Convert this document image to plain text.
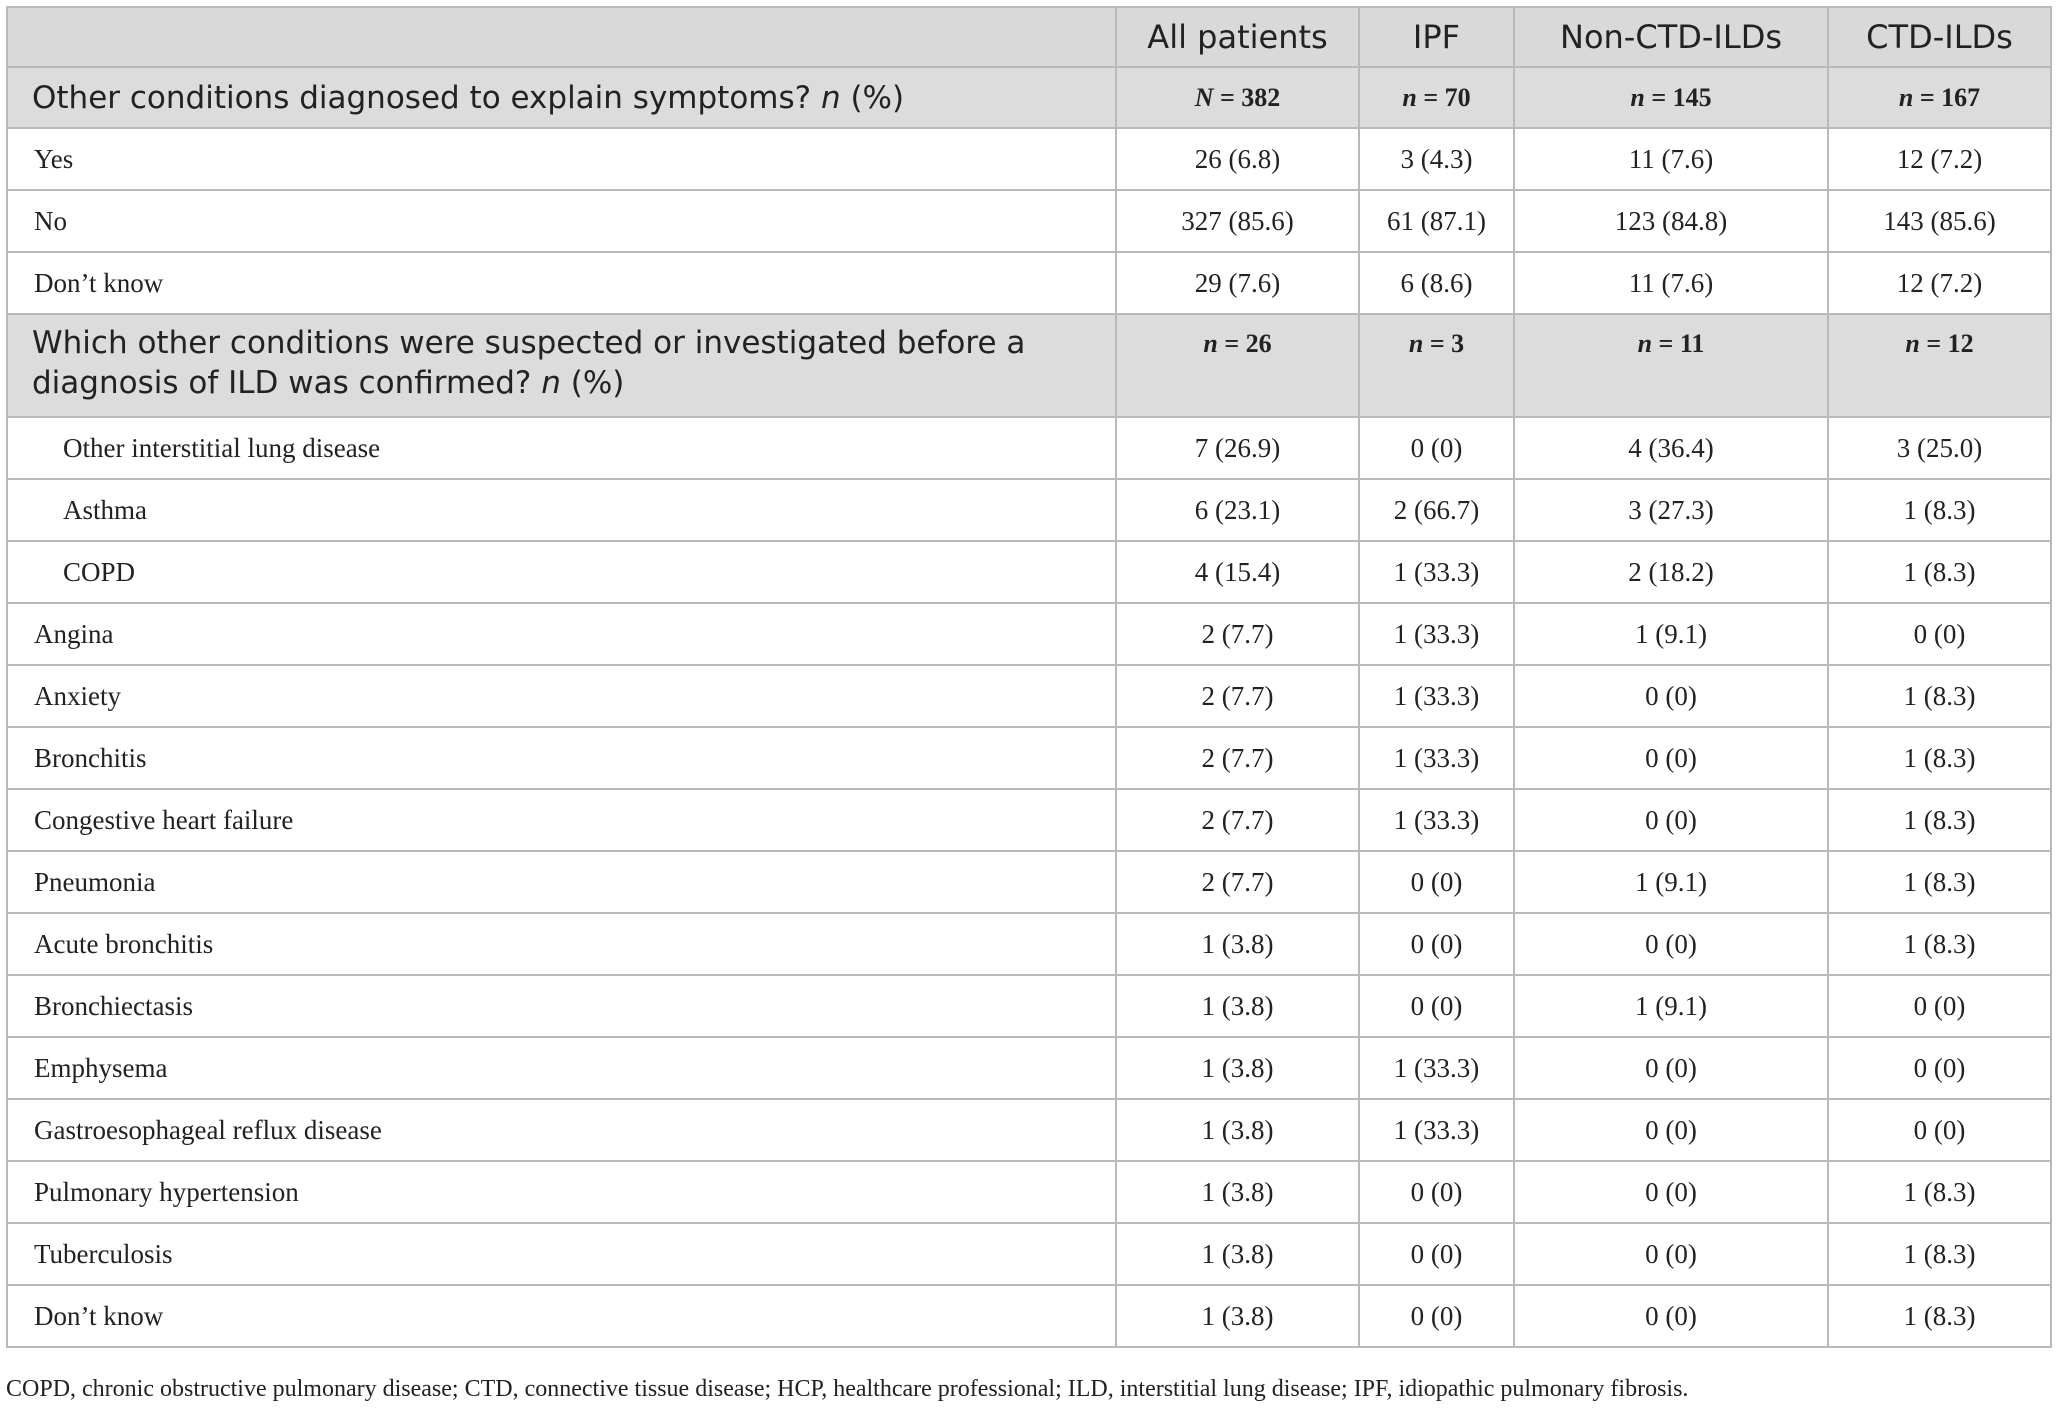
	All patients	IPF	Non-CTD-ILDs	CTD-ILDs
Other conditions diagnosed to explain symptoms? n (%)	N = 382	n = 70	n = 145	n = 167
Yes	26 (6.8)	3 (4.3)	11 (7.6)	12 (7.2)
No	327 (85.6)	61 (87.1)	123 (84.8)	143 (85.6)
Don’t know	29 (7.6)	6 (8.6)	11 (7.6)	12 (7.2)
Which other conditions were suspected or investigated before a diagnosis of ILD was confirmed? n (%)	n = 26	n = 3	n = 11	n = 12
Other interstitial lung disease	7 (26.9)	0 (0)	4 (36.4)	3 (25.0)
Asthma	6 (23.1)	2 (66.7)	3 (27.3)	1 (8.3)
COPD	4 (15.4)	1 (33.3)	2 (18.2)	1 (8.3)
Angina	2 (7.7)	1 (33.3)	1 (9.1)	0 (0)
Anxiety	2 (7.7)	1 (33.3)	0 (0)	1 (8.3)
Bronchitis	2 (7.7)	1 (33.3)	0 (0)	1 (8.3)
Congestive heart failure	2 (7.7)	1 (33.3)	0 (0)	1 (8.3)
Pneumonia	2 (7.7)	0 (0)	1 (9.1)	1 (8.3)
Acute bronchitis	1 (3.8)	0 (0)	0 (0)	1 (8.3)
Bronchiectasis	1 (3.8)	0 (0)	1 (9.1)	0 (0)
Emphysema	1 (3.8)	1 (33.3)	0 (0)	0 (0)
Gastroesophageal reflux disease	1 (3.8)	1 (33.3)	0 (0)	0 (0)
Pulmonary hypertension	1 (3.8)	0 (0)	0 (0)	1 (8.3)
Tuberculosis	1 (3.8)	0 (0)	0 (0)	1 (8.3)
Don’t know	1 (3.8)	0 (0)	0 (0)	1 (8.3)
COPD, chronic obstructive pulmonary disease; CTD, connective tissue disease; HCP, healthcare professional; ILD, interstitial lung disease; IPF, idiopathic pulmonary fibrosis.
